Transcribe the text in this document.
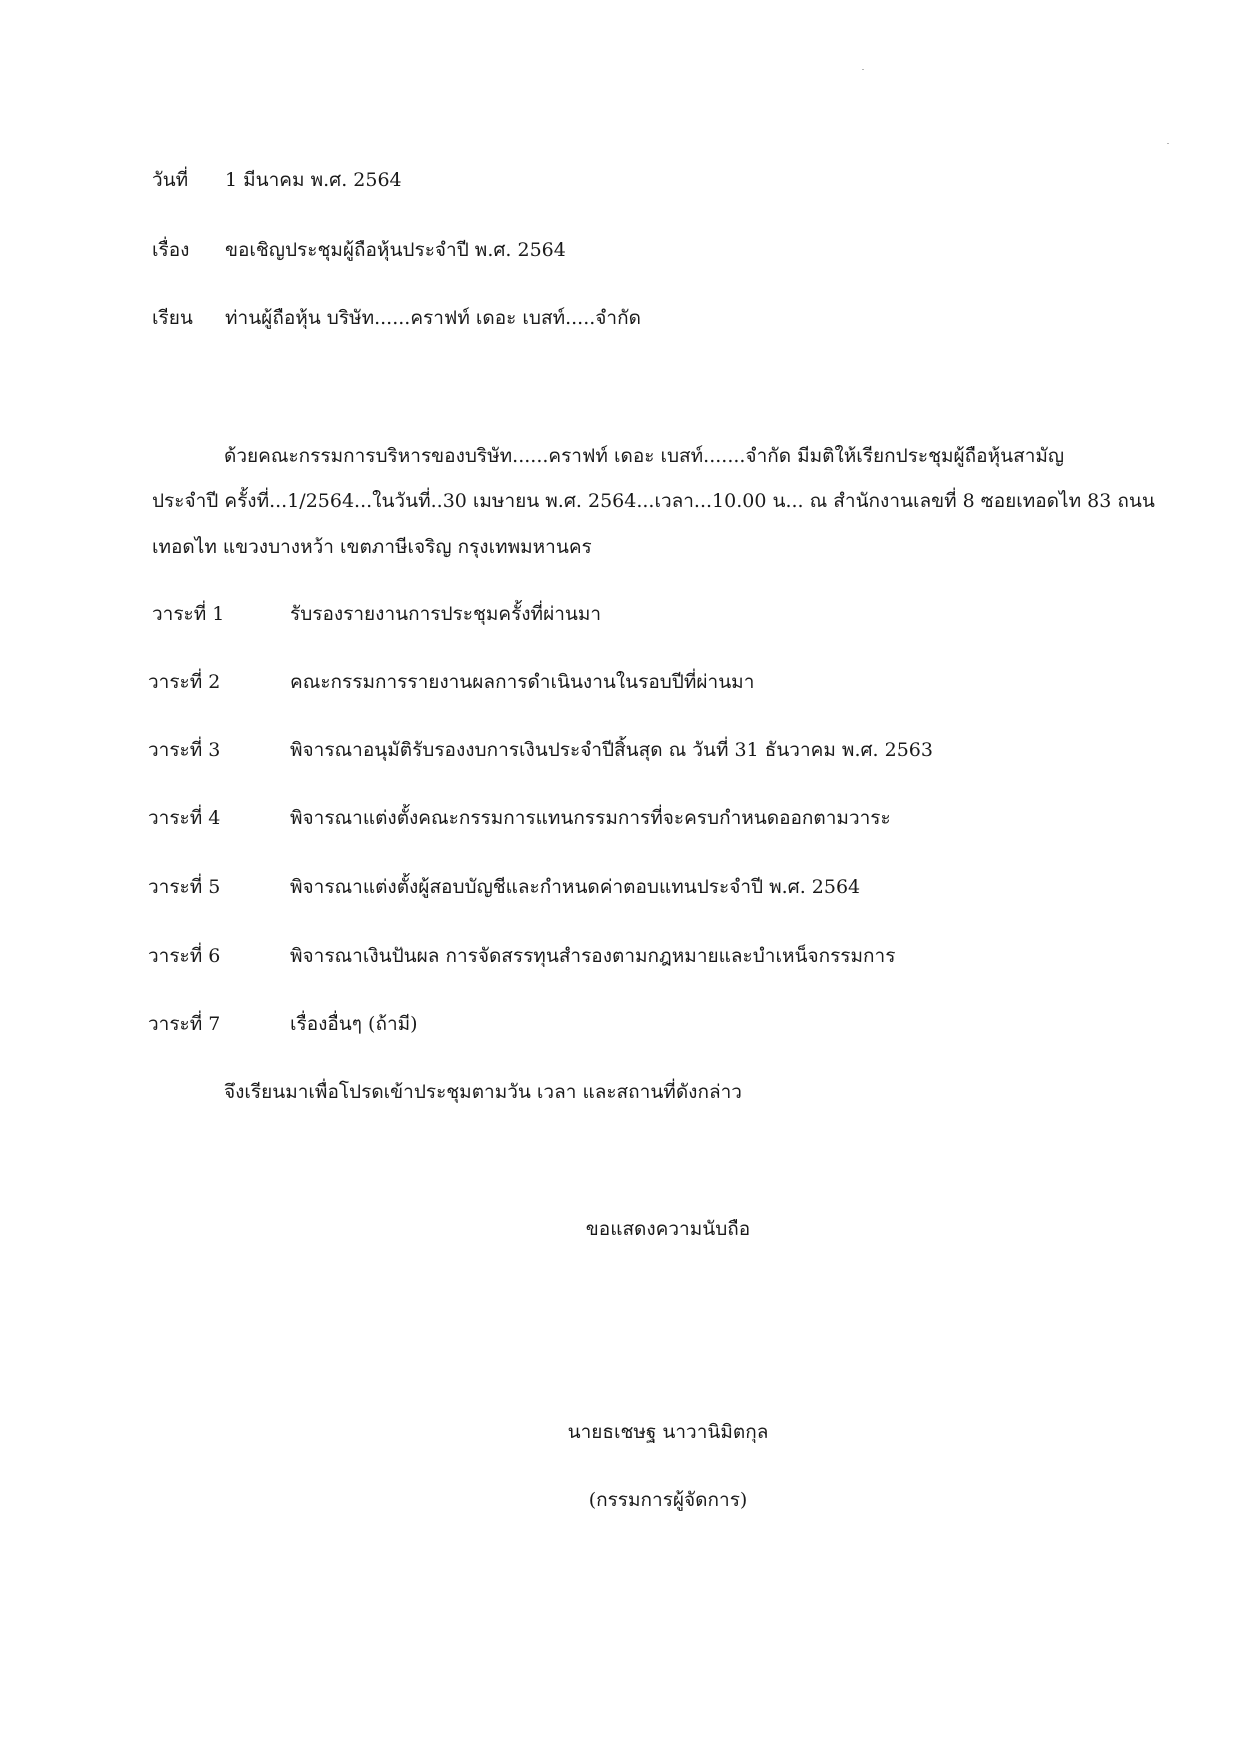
วันที่ 1 มีนาคม พ.ศ. 2564
เรื่อง ขอเชิญประชุมผู้ถือหุ้นประจำปี พ.ศ. 2564
เรียน ท่านผู้ถือหุ้น บริษัท......คราฟท์ เดอะ เบสท์.....จำกัด
ด้วยคณะกรรมการบริหารของบริษัท......คราฟท์ เดอะ เบสท์.......จำกัด มีมติให้เรียกประชุมผู้ถือหุ้นสามัญ
ประจำปี ครั้งที่...1/2564...ในวันที่..30 เมษายน พ.ศ. 2564...เวลา...10.00 น... ณ สำนักงานเลขที่ 8 ซอยเทอดไท 83 ถนน
เทอดไท แขวงบางหว้า เขตภาษีเจริญ กรุงเทพมหานคร
วาระที่ 1	รับรองรายงานการประชุมครั้งที่ผ่านมา
วาระที่ 2	คณะกรรมการรายงานผลการดำเนินงานในรอบปีที่ผ่านมา
วาระที่ 3	พิจารณาอนุมัติรับรองงบการเงินประจำปีสิ้นสุด ณ วันที่ 31 ธันวาคม พ.ศ. 2563
วาระที่ 4	พิจารณาแต่งตั้งคณะกรรมการแทนกรรมการที่จะครบกำหนดออกตามวาระ
วาระที่ 5	พิจารณาแต่งตั้งผู้สอบบัญชีและกำหนดค่าตอบแทนประจำปี พ.ศ. 2564
วาระที่ 6	พิจารณาเงินปันผล การจัดสรรทุนสำรองตามกฎหมายและบำเหน็จกรรมการ
วาระที่ 7	เรื่องอื่นๆ (ถ้ามี)
จึงเรียนมาเพื่อโปรดเข้าประชุมตามวัน เวลา และสถานที่ดังกล่าว
ขอแสดงความนับถือ
นายธเชษฐ นาวานิมิตกุล
(กรรมการผู้จัดการ)
